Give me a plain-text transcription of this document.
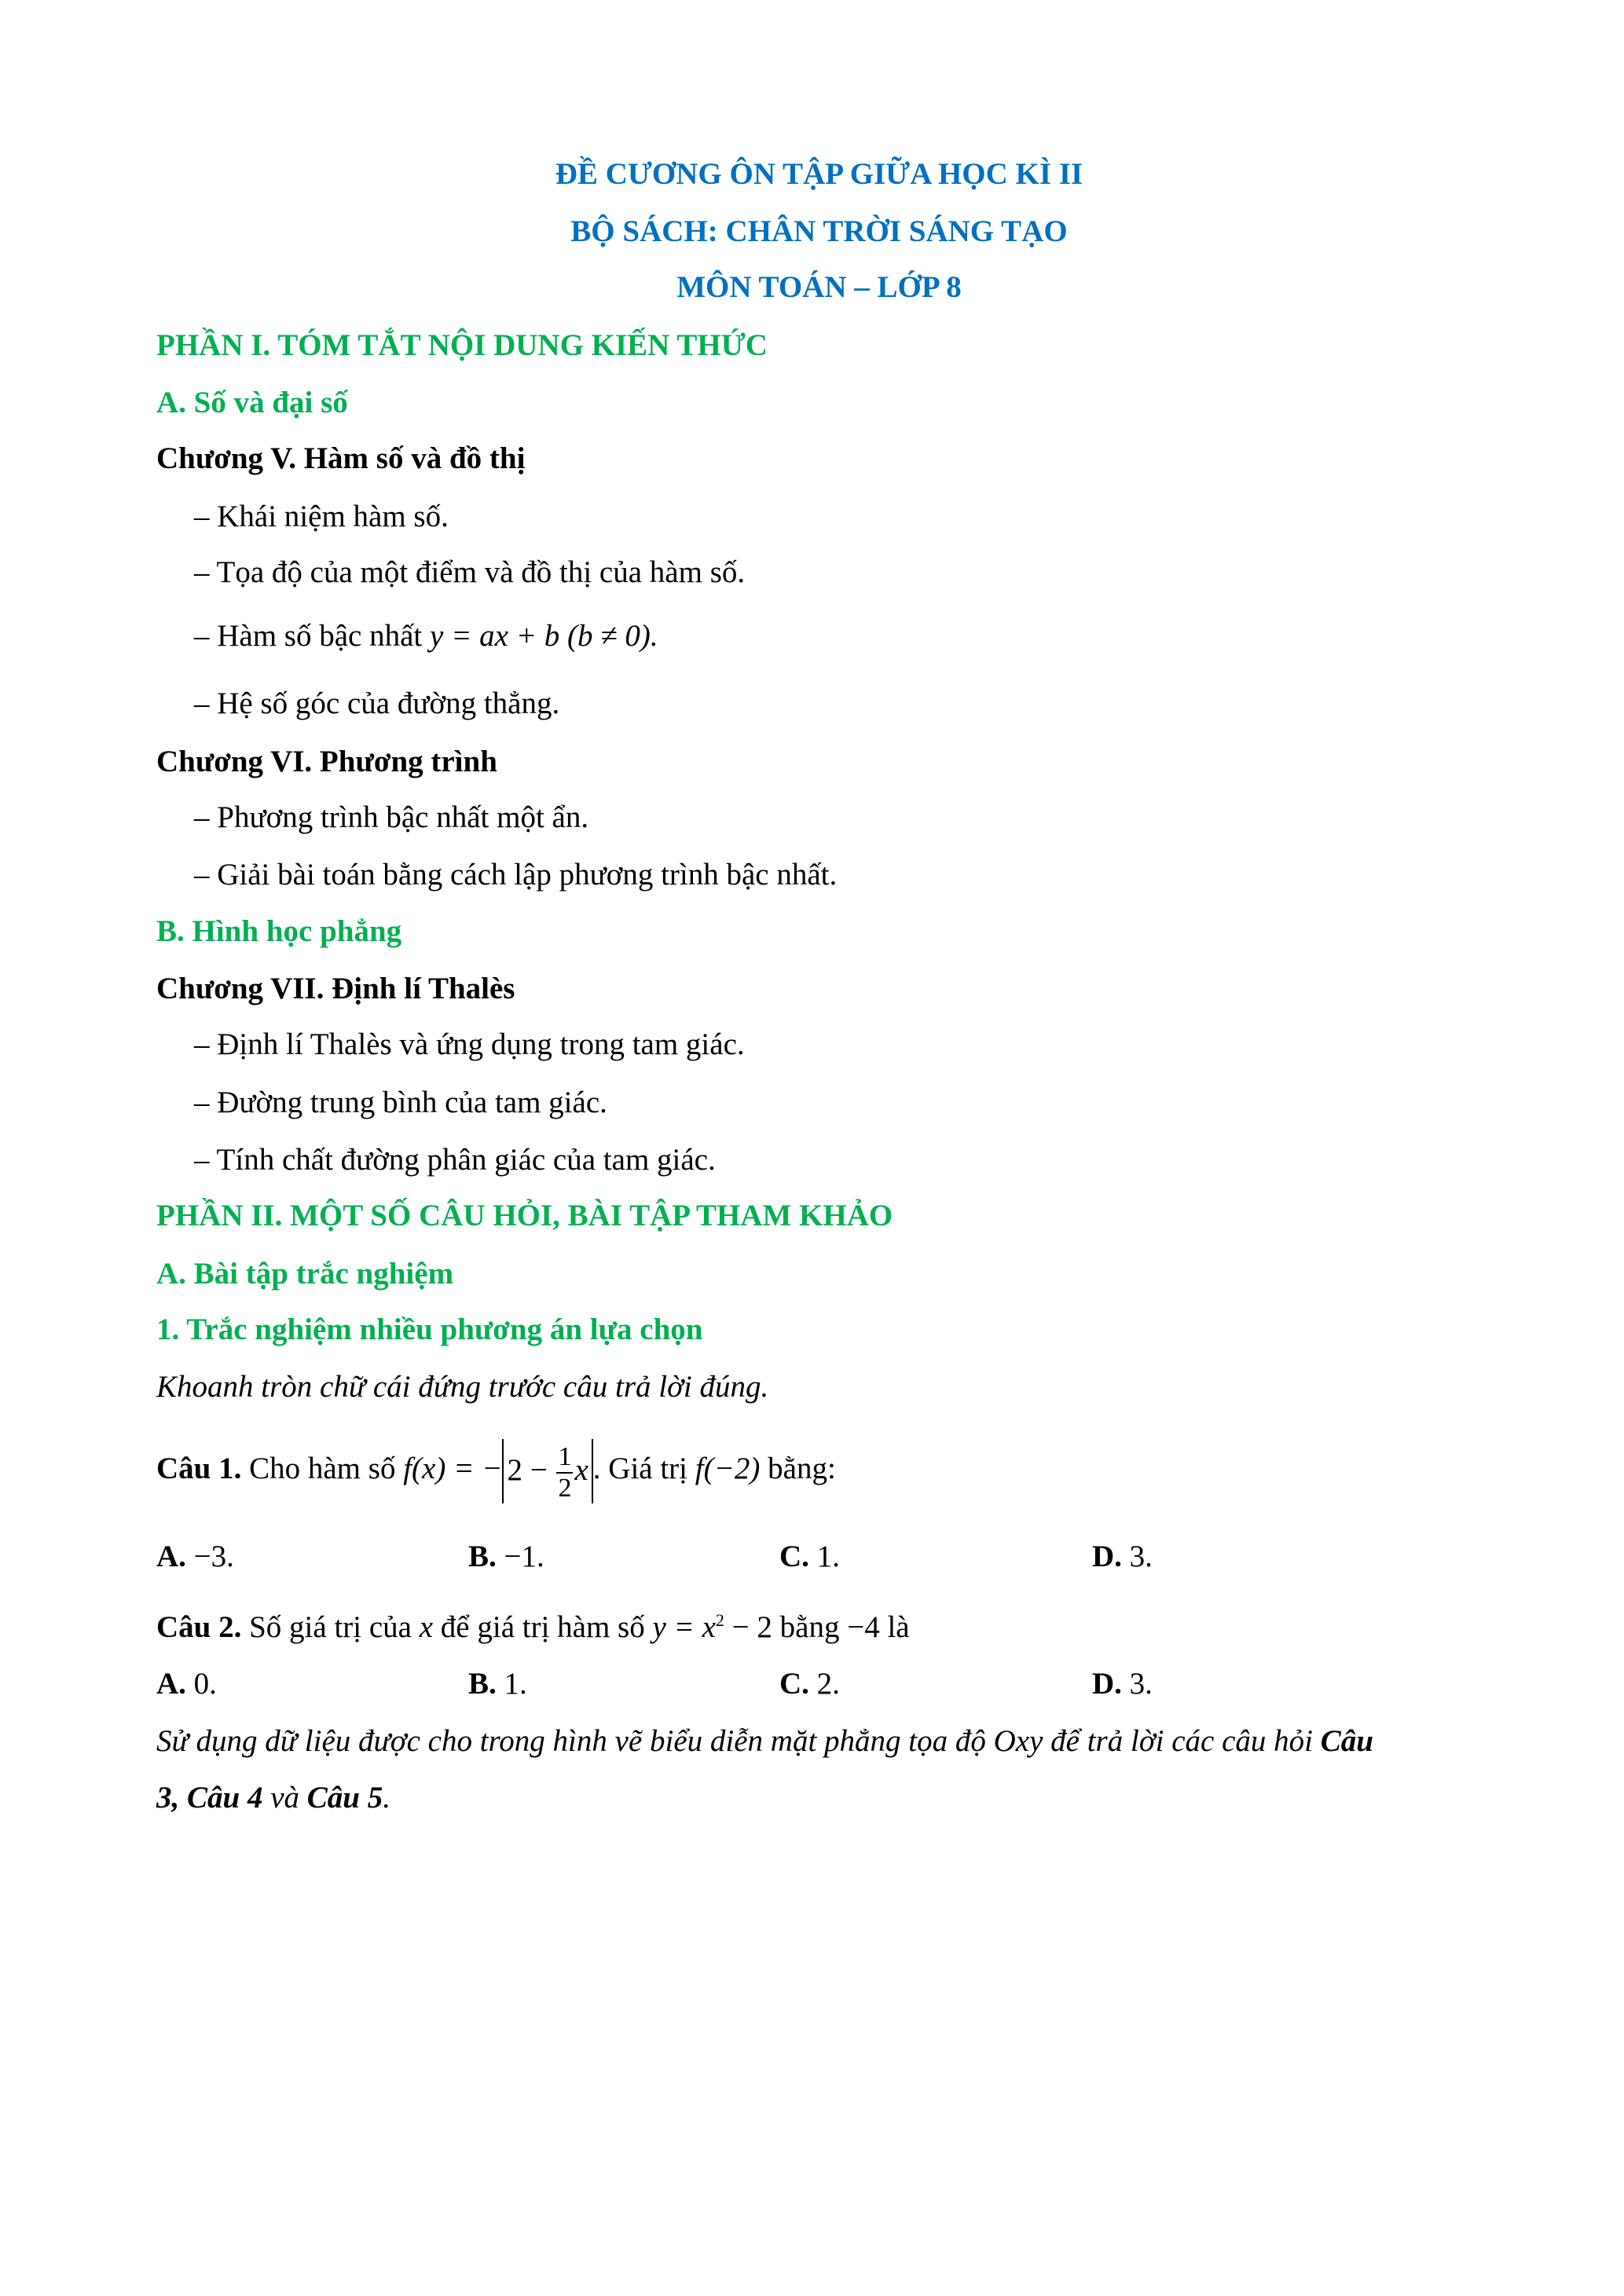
ĐỀ CƯƠNG ÔN TẬP GIỮA HỌC KÌ II
BỘ SÁCH: CHÂN TRỜI SÁNG TẠO
MÔN TOÁN – LỚP 8
PHẦN I. TÓM TẮT NỘI DUNG KIẾN THỨC
A. Số và đại số
Chương V. Hàm số và đồ thị
– Khái niệm hàm số.
– Tọa độ của một điểm và đồ thị của hàm số.
– Hàm số bậc nhất y = ax + b (b ≠ 0).
– Hệ số góc của đường thẳng.
Chương VI. Phương trình
– Phương trình bậc nhất một ẩn.
– Giải bài toán bằng cách lập phương trình bậc nhất.
B. Hình học phẳng
Chương VII. Định lí Thalès
– Định lí Thalès và ứng dụng trong tam giác.
– Đường trung bình của tam giác.
– Tính chất đường phân giác của tam giác.
PHẦN II. MỘT SỐ CÂU HỎI, BÀI TẬP THAM KHẢO
A. Bài tập trắc nghiệm
1. Trắc nghiệm nhiều phương án lựa chọn
Khoanh tròn chữ cái đứng trước câu trả lời đúng.
Câu 1. Cho hàm số f(x) = − $2 - \frac{1}{2}$ x . Giá trị f(−2) bằng:
A. −3.	B. −1.	C. 1.	D. 3.
Câu 2. Số giá trị của x để giá trị hàm số $y = x^2 - 2$ bằng −4 là
A. 0.	B. 1.	C. 2.	D. 3.
Sử dụng dữ liệu được cho trong hình vẽ biểu diễn mặt phẳng tọa độ Oxy để trả lời các câu hỏi Câu
3, Câu 4 và Câu 5.
